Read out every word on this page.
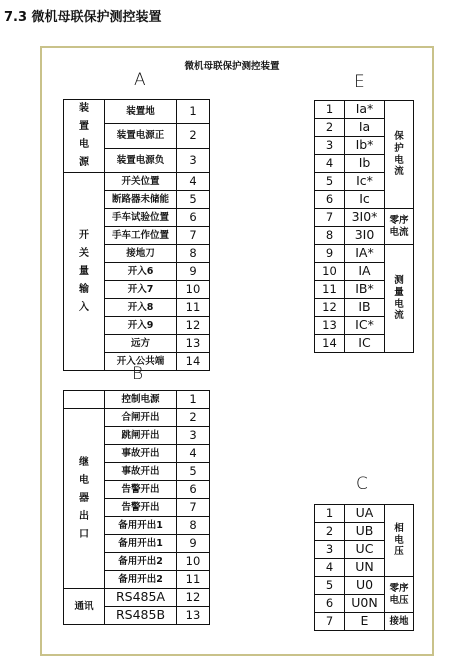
7.3 微机母联保护测控装置
微机母联保护测控装置
A
装置电源	装置地	1
	装置电源正	2
	装置电源负	3
开关量输入	开关位置	4
	断路器未储能	5
	手车试验位置	6
	手车工作位置	7
	接地刀	8
	开入6	9
	开入7	10
	开入8	11
	开入9	12
	远方	13
	开入公共端	14
B
	控制电源	1
继电器出口	合闸开出	2
	跳闸开出	3
	事故开出	4
	事故开出	5
	告警开出	6
	告警开出	7
	备用开出1	8
	备用开出1	9
	备用开出2	10
	备用开出2	11
通讯	RS485A	12
	RS485B	13
E
1	Ia*	保护电流
2	Ia	
3	Ib*	
4	Ib	
5	Ic*	
6	Ic	
7	3I0*	零序电流
8	3I0	
9	IA*	测量电流
10	IA	
11	IB*	
12	IB	
13	IC*	
14	IC	
C
1	UA	相电压
2	UB	
3	UC	
4	UN	
5	U0	零序电压
6	U0N	
7	E	接地
